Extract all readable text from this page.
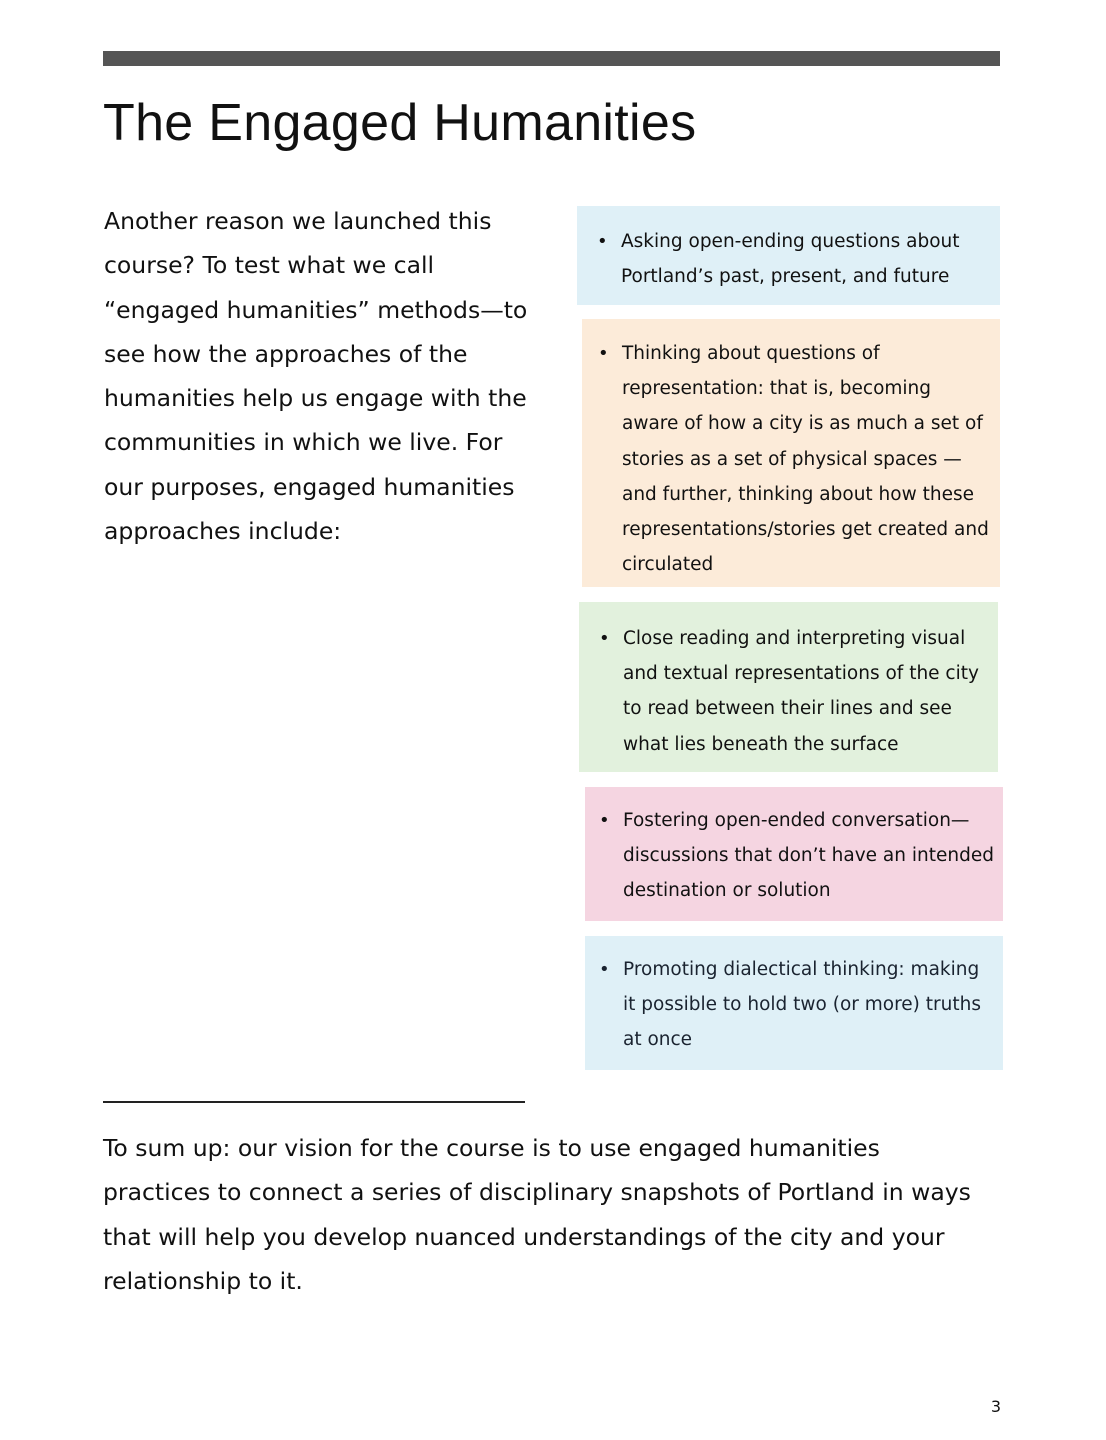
The Engaged Humanities

Another reason we launched this course? To test what we call “engaged humanities” methods—to see how the approaches of the humanities help us engage with the communities in which we live. For our purposes, engaged humanities approaches include:

• Asking open-ending questions about Portland’s past, present, and future
• Thinking about questions of representation: that is, becoming aware of how a city is as much a set of stories as a set of physical spaces —and further, thinking about how these representations/stories get created and circulated
• Close reading and interpreting visual and textual representations of the city to read between their lines and see what lies beneath the surface
• Fostering open-ended conversation— discussions that don’t have an intended destination or solution
• Promoting dialectical thinking: making it possible to hold two (or more) truths at once

To sum up: our vision for the course is to use engaged humanities practices to connect a series of disciplinary snapshots of Portland in ways that will help you develop nuanced understandings of the city and your relationship to it.

3
